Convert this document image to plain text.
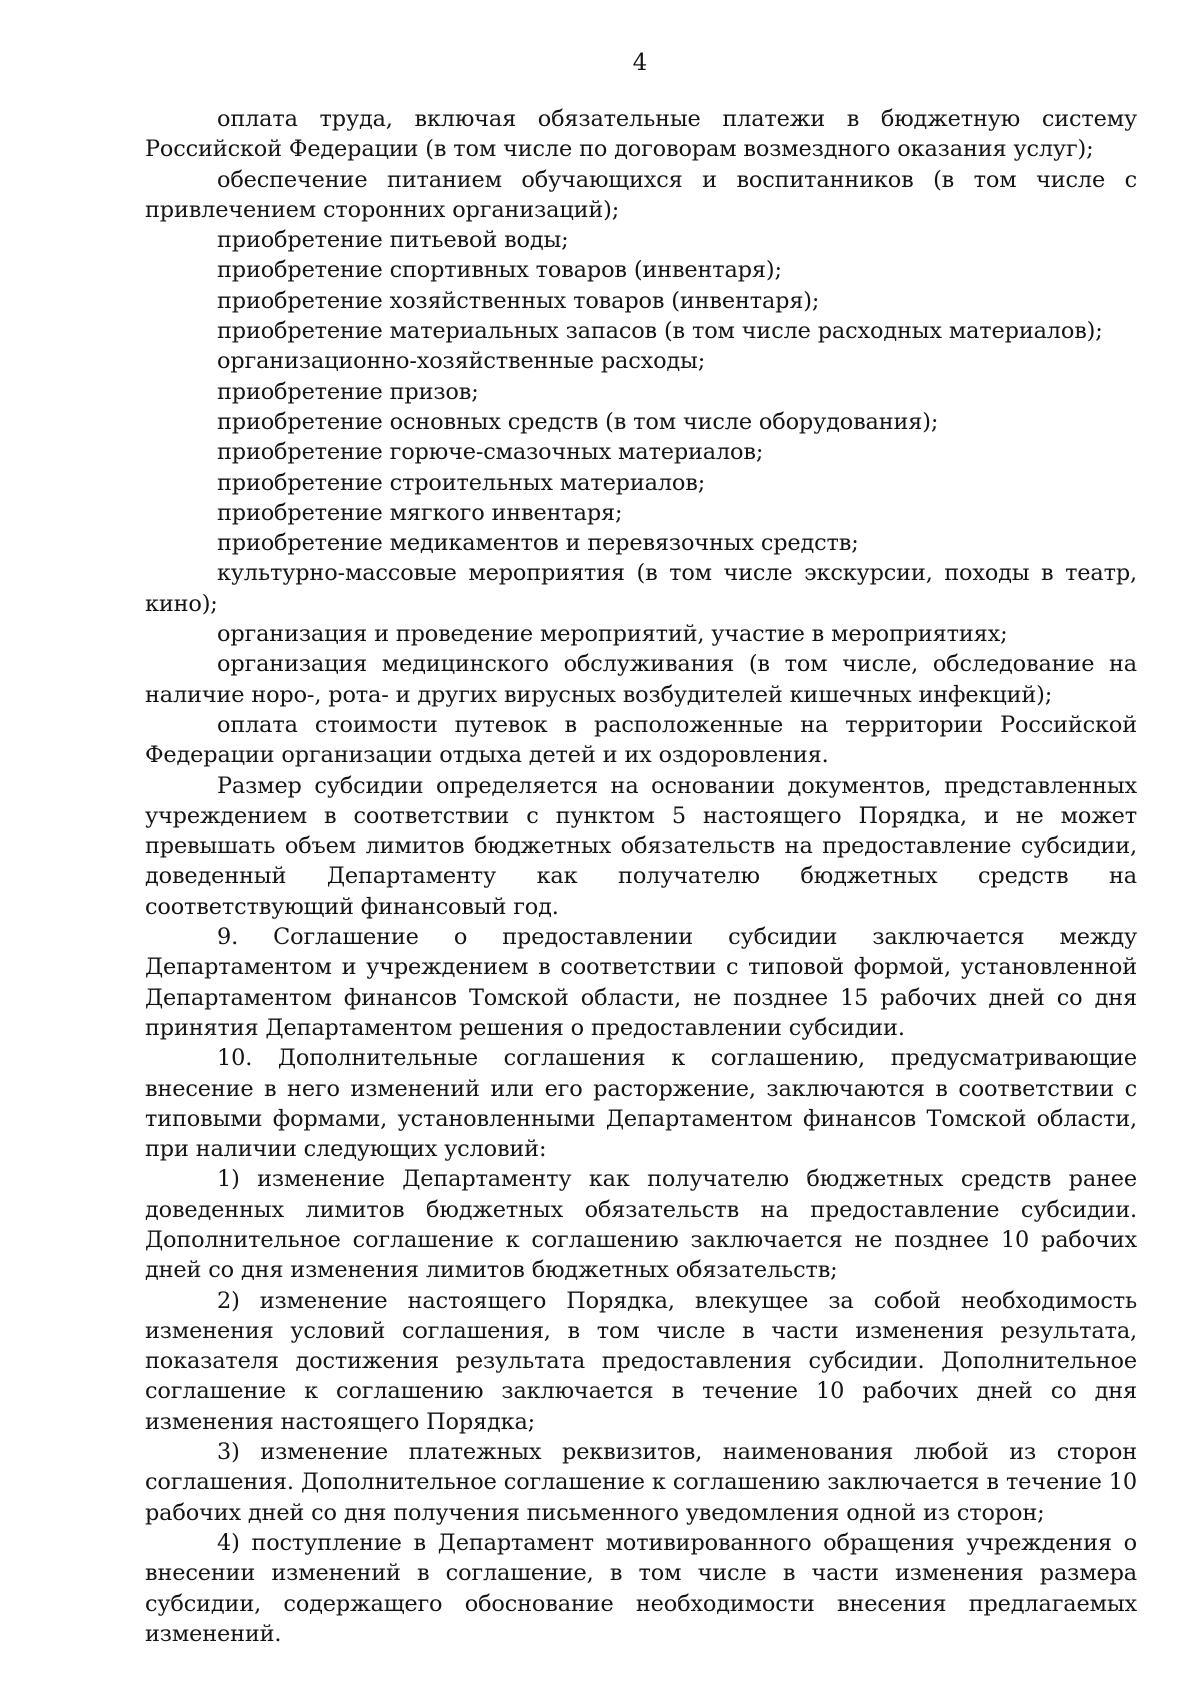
4

оплата труда, включая обязательные платежи в бюджетную систему Российской Федерации (в том числе по договорам возмездного оказания услуг);

обеспечение питанием обучающихся и воспитанников (в том числе с привлечением сторонних организаций);

приобретение питьевой воды;

приобретение спортивных товаров (инвентаря);

приобретение хозяйственных товаров (инвентаря);

приобретение материальных запасов (в том числе расходных материалов);

организационно-хозяйственные расходы;

приобретение призов;

приобретение основных средств (в том числе оборудования);

приобретение горюче-смазочных материалов;

приобретение строительных материалов;

приобретение мягкого инвентаря;

приобретение медикаментов и перевязочных средств;

культурно-массовые мероприятия (в том числе экскурсии, походы в театр, кино);

организация и проведение мероприятий, участие в мероприятиях;

организация медицинского обслуживания (в том числе, обследование на наличие норо-, рота- и других вирусных возбудителей кишечных инфекций);

оплата стоимости путевок в расположенные на территории Российской Федерации организации отдыха детей и их оздоровления.

Размер субсидии определяется на основании документов, представленных учреждением в соответствии с пунктом 5 настоящего Порядка, и не может превышать объем лимитов бюджетных обязательств на предоставление субсидии, доведенный Департаменту как получателю бюджетных средств на соответствующий финансовый год.

9. Соглашение о предоставлении субсидии заключается между Департаментом и учреждением в соответствии с типовой формой, установленной Департаментом финансов Томской области, не позднее 15 рабочих дней со дня принятия Департаментом решения о предоставлении субсидии.

10. Дополнительные соглашения к соглашению, предусматривающие внесение в него изменений или его расторжение, заключаются в соответствии с типовыми формами, установленными Департаментом финансов Томской области, при наличии следующих условий:

1) изменение Департаменту как получателю бюджетных средств ранее доведенных лимитов бюджетных обязательств на предоставление субсидии. Дополнительное соглашение к соглашению заключается не позднее 10 рабочих дней со дня изменения лимитов бюджетных обязательств;

2) изменение настоящего Порядка, влекущее за собой необходимость изменения условий соглашения, в том числе в части изменения результата, показателя достижения результата предоставления субсидии. Дополнительное соглашение к соглашению заключается в течение 10 рабочих дней со дня изменения настоящего Порядка;

3) изменение платежных реквизитов, наименования любой из сторон соглашения. Дополнительное соглашение к соглашению заключается в течение 10 рабочих дней со дня получения письменного уведомления одной из сторон;

4) поступление в Департамент мотивированного обращения учреждения о внесении изменений в соглашение, в том числе в части изменения размера субсидии, содержащего обоснование необходимости внесения предлагаемых изменений.
